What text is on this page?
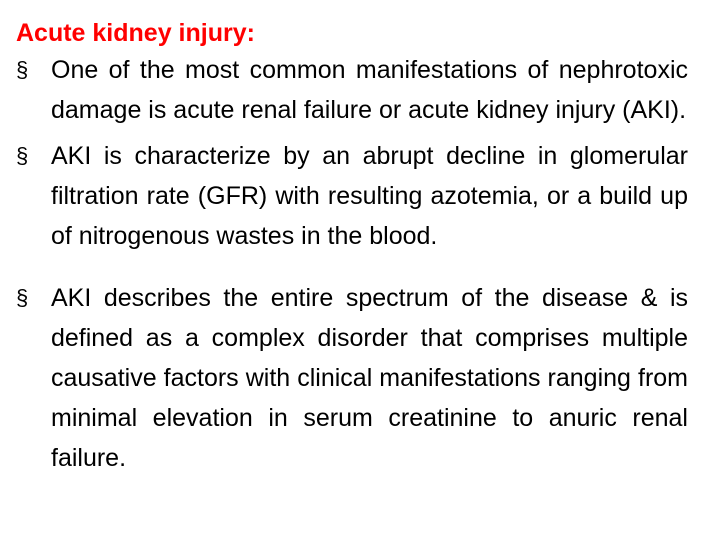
Acute kidney injury:
§ One of the most common manifestations of nephrotoxic damage is acute renal failure or acute kidney injury (AKI).
§ AKI is characterize by an abrupt decline in glomerular filtration rate (GFR) with resulting azotemia, or a build up of nitrogenous wastes in the blood.
§ AKI describes the entire spectrum of the disease & is defined as a complex disorder that comprises multiple causative factors with clinical manifestations ranging from minimal elevation in serum creatinine to anuric renal failure.
